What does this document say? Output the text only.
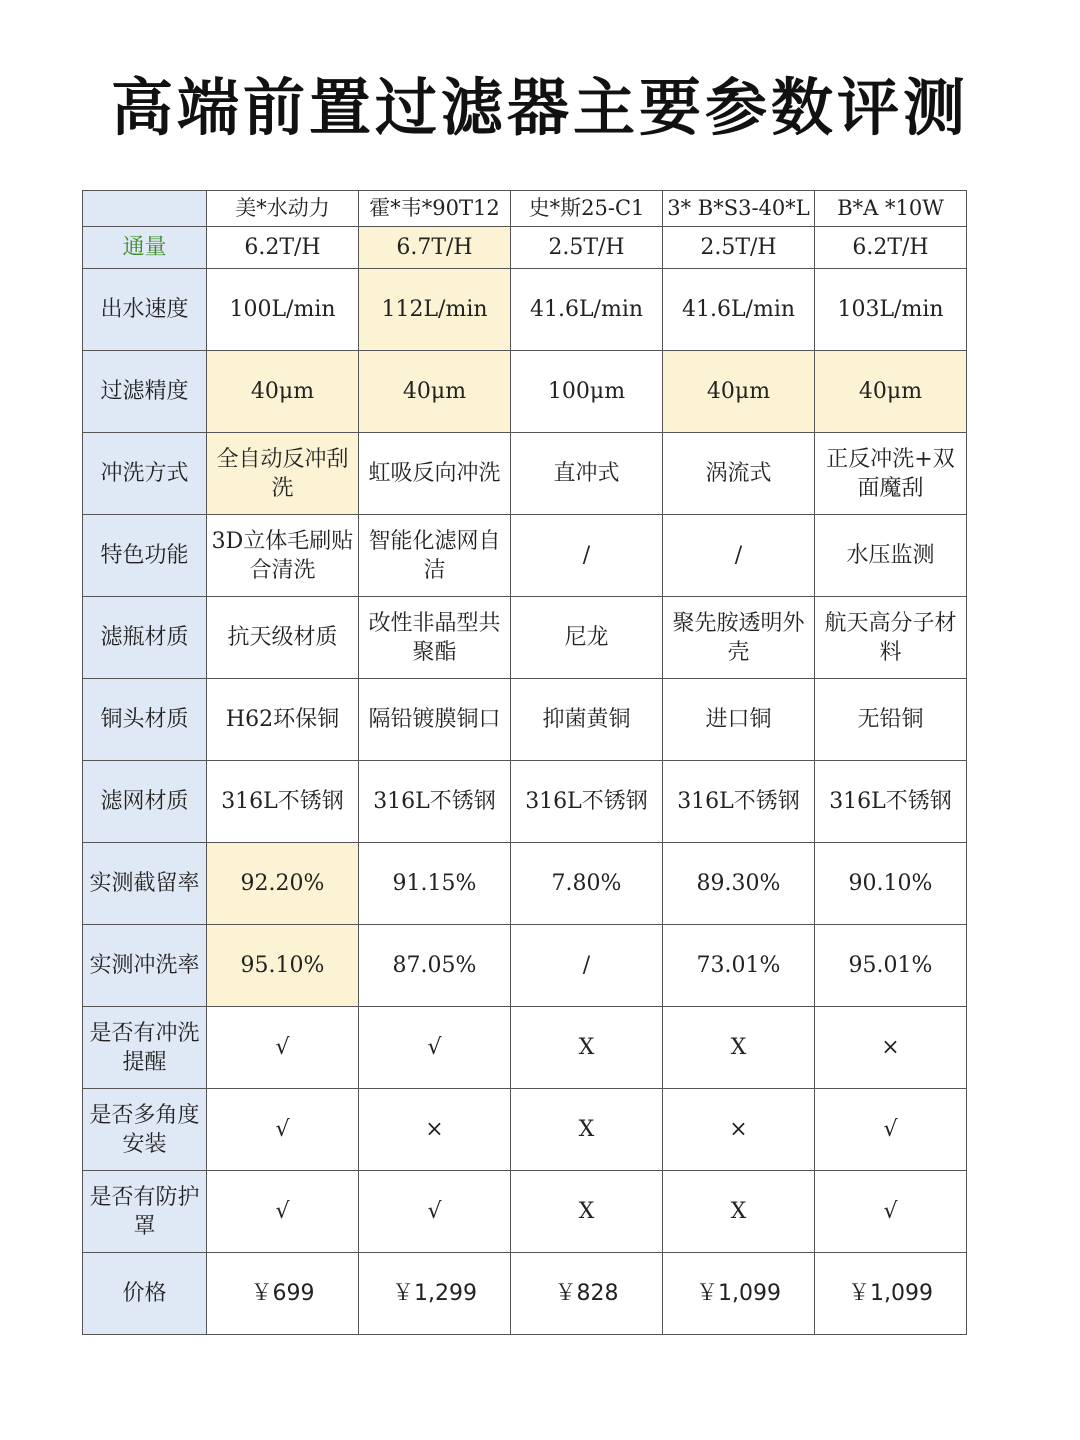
高端前置过滤器主要参数评测
	美*水动力	霍*韦*90T12	史*斯25-C1	3* B*S3-40*L	B*A *10W
通量	6.2T/H	6.7T/H	2.5T/H	2.5T/H	6.2T/H
出水速度	100L/min	112L/min	41.6L/min	41.6L/min	103L/min
过滤精度	40μm	40μm	100μm	40μm	40μm
冲洗方式	全自动反冲刮洗	虹吸反向冲洗	直冲式	涡流式	正反冲洗+双面魔刮
特色功能	3D立体毛刷贴合清洗	智能化滤网自洁	/	/	水压监测
滤瓶材质	抗天级材质	改性非晶型共聚酯	尼龙	聚先胺透明外壳	航天高分子材料
铜头材质	H62环保铜	隔铅镀膜铜口	抑菌黄铜	进口铜	无铅铜
滤网材质	316L不锈钢	316L不锈钢	316L不锈钢	316L不锈钢	316L不锈钢
实测截留率	92.20%	91.15%	7.80%	89.30%	90.10%
实测冲洗率	95.10%	87.05%	/	73.01%	95.01%
是否有冲洗提醒	√	√	X	X	×
是否多角度安装	√	×	X	×	√
是否有防护罩	√	√	X	X	√
价格	￥699	￥1,299	￥828	￥1,099	￥1,099
